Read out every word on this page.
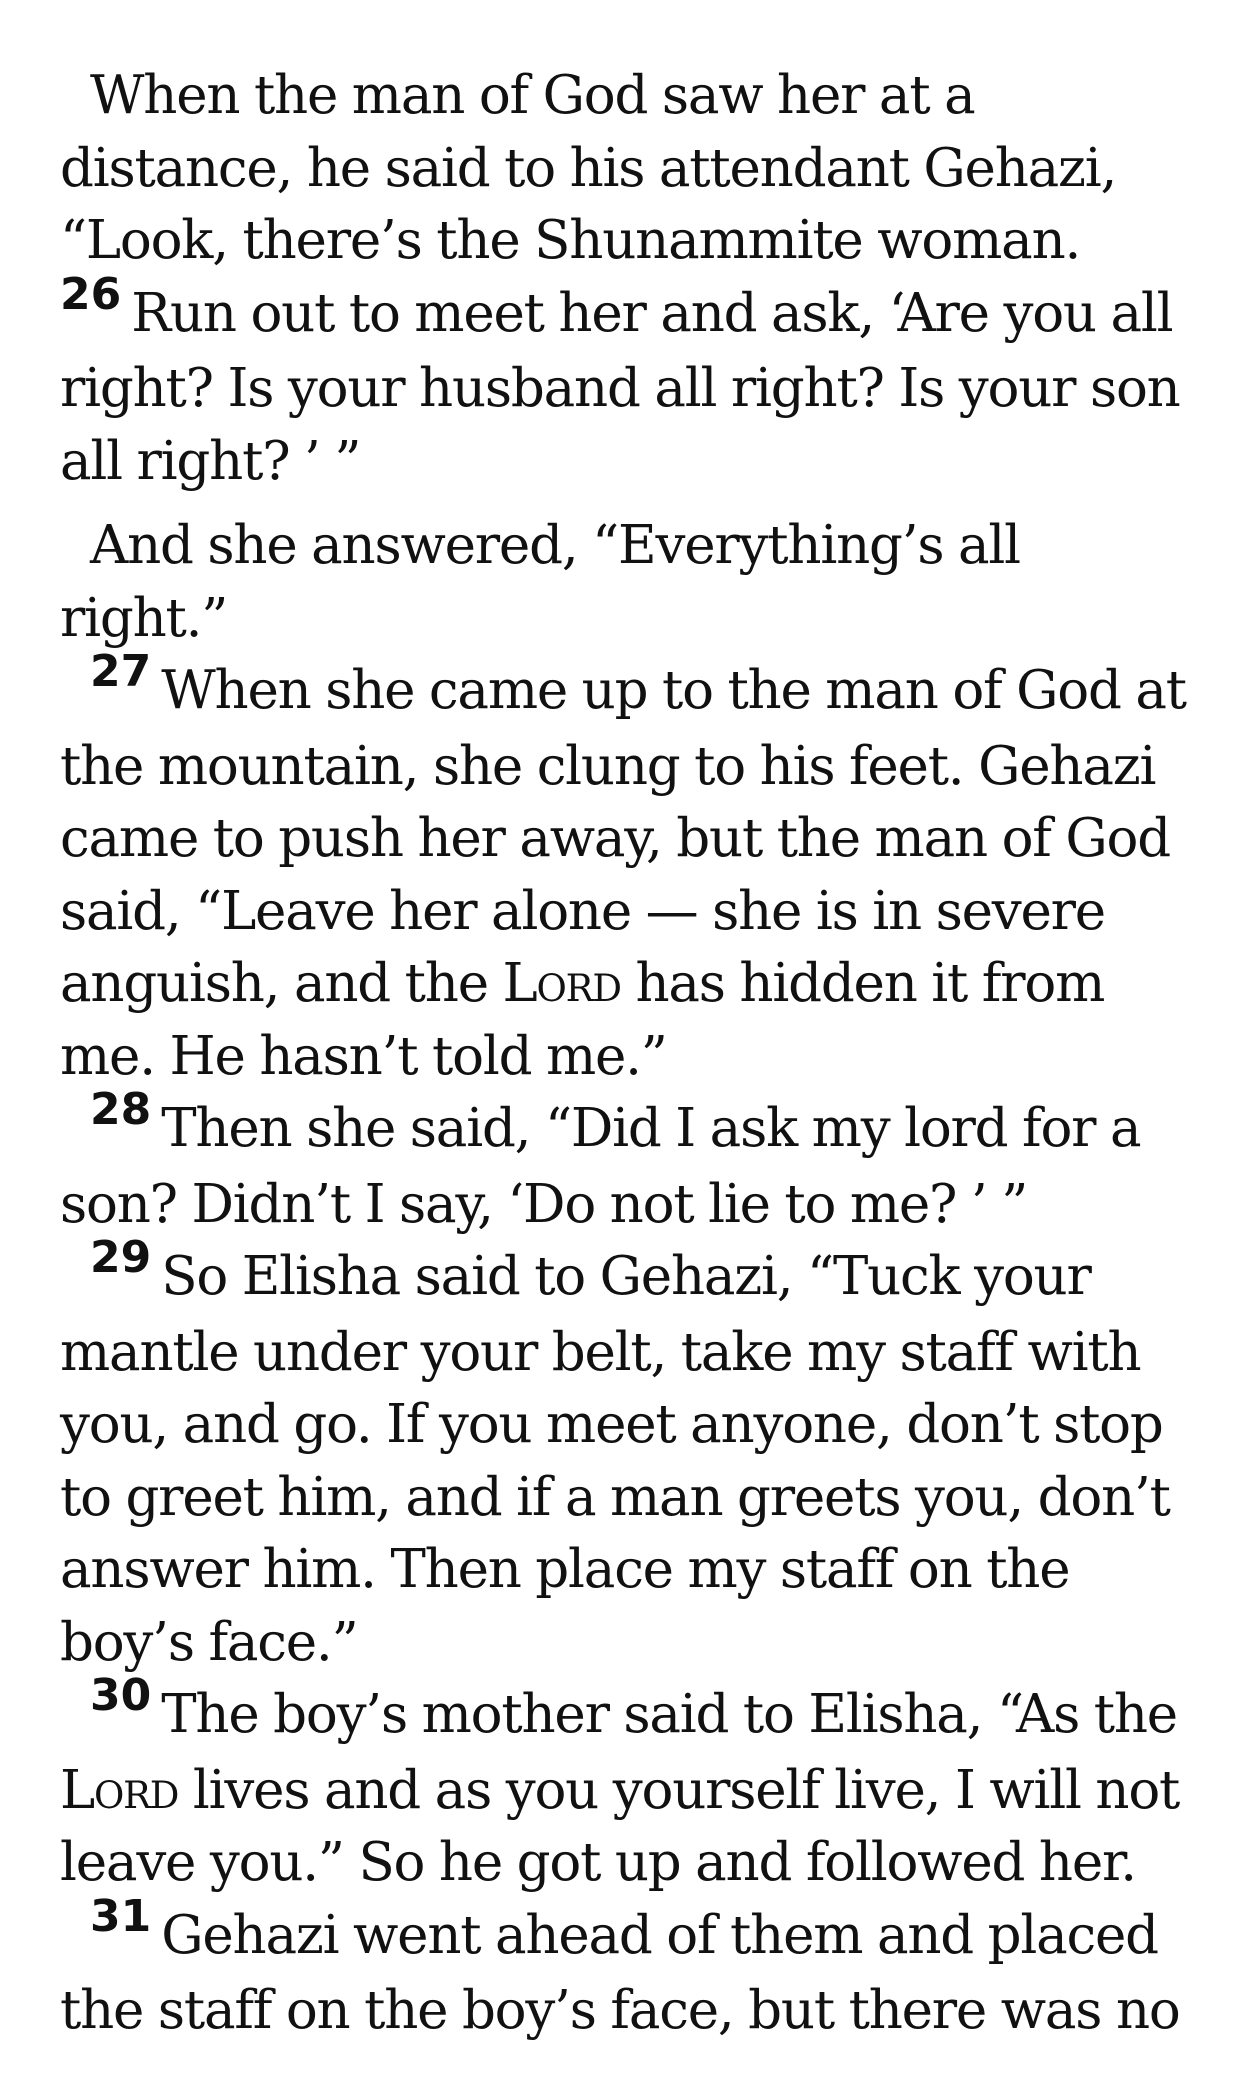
When the man of God saw her at a distance, he said to his attendant Gehazi, “Look, there’s the Shunammite woman. $^{26}$ Run out to meet her and ask, ‘Are you all right? Is your husband all right? Is your son all right? ’ ”

And she answered, “Everything’s all right.”

$^{27}$ When she came up to the man of God at the mountain, she clung to his feet. Gehazi came to push her away, but the man of God said, “Leave her alone — she is in severe anguish, and the Lord has hidden it from me. He hasn’t told me.”

$^{28}$ Then she said, “Did I ask my lord for a son? Didn’t I say, ‘Do not lie to me? ’ ”

$^{29}$ So Elisha said to Gehazi, “Tuck your mantle under your belt, take my staff with you, and go. If you meet anyone, don’t stop to greet him, and if a man greets you, don’t answer him. Then place my staff on the boy’s face.”

$^{30}$ The boy’s mother said to Elisha, “As the Lord lives and as you yourself live, I will not leave you.” So he got up and followed her.

$^{31}$ Gehazi went ahead of them and placed the staff on the boy’s face, but there was no
